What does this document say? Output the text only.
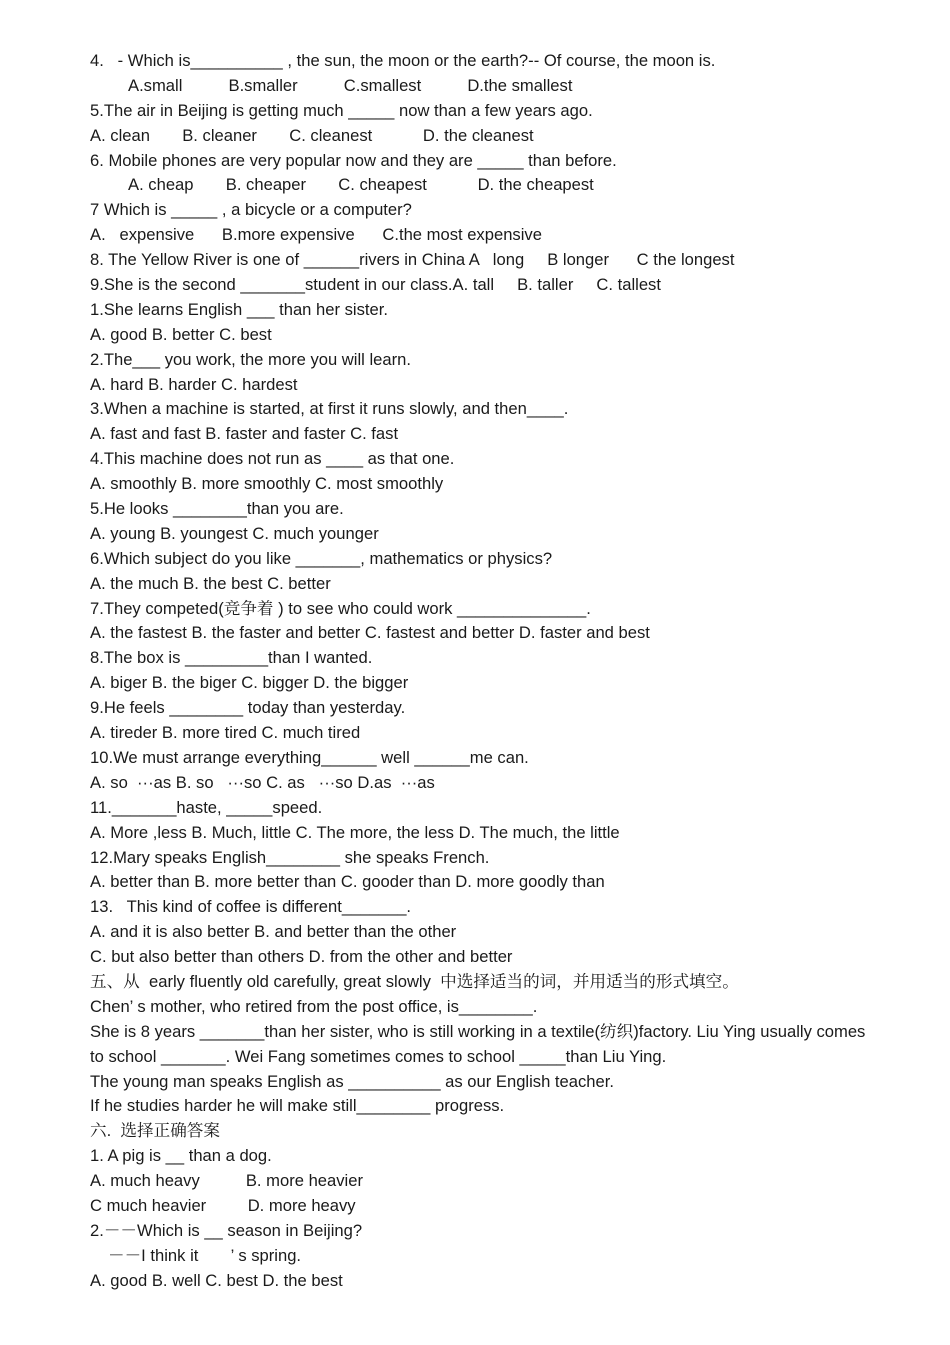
4.   - Which is__________ , the sun, the moon or the earth?-- Of course, the moon is.
A.small          B.smaller          C.smallest          D.the smallest
5.The air in Beijing is getting much _____ now than a few years ago.
A. clean       B. cleaner       C. cleanest           D. the cleanest
6. Mobile phones are very popular now and they are _____ than before.
A. cheap       B. cheaper       C. cheapest           D. the cheapest
7 Which is _____ , a bicycle or a computer?
A.   expensive      B.more expensive      C.the most expensive
8. The Yellow River is one of ______rivers in China A   long     B longer      C the longest
9.She is the second _______student in our class.A. tall     B. taller     C. tallest
1.She learns English ___ than her sister.
A. good B. better C. best
2.The___ you work, the more you will learn.
A. hard B. harder C. hardest
3.When a machine is started, at first it runs slowly, and then____.
A. fast and fast B. faster and faster C. fast
4.This machine does not run as ____ as that one.
A. smoothly B. more smoothly C. most smoothly
5.He looks ________than you are.
A. young B. youngest C. much younger
6.Which subject do you like _______, mathematics or physics?
A. the much B. the best C. better
7.They competed(竞争着 ) to see who could work ______________.
A. the fastest B. the faster and better C. fastest and better D. faster and best
8.The box is _________than I wanted.
A. biger B. the biger C. bigger D. the bigger
9.He feels ________ today than yesterday.
A. tireder B. more tired C. much tired
10.We must arrange everything______ well ______me can.
A. so  ···as B. so   ···so C. as   ···so D.as  ···as
11._______haste, _____speed.
A. More ,less B. Much, little C. The more, the less D. The much, the little
12.Mary speaks English________ she speaks French.
A. better than B. more better than C. gooder than D. more goodly than
13.   This kind of coffee is different_______.
A. and it is also better B. and better than the other
C. but also better than others D. from the other and better
五、从  early fluently old carefully, great slowly  中选择适当的词，并用适当的形式填空。
Chen’ s mother, who retired from the post office, is________.
She is 8 years _______than her sister, who is still working in a textile(纺织)factory. Liu Ying usually comes
to school _______. Wei Fang sometimes comes to school _____than Liu Ying.
The young man speaks English as __________ as our English teacher.
If he studies harder he will make still________ progress.
六.  选择正确答案
1. A pig is __ than a dog.
A. much heavy          B. more heavier
C much heavier         D. more heavy
2.－－Which is __ season in Beijing?
－－I think it       ’ s spring.
A. good B. well C. best D. the best
